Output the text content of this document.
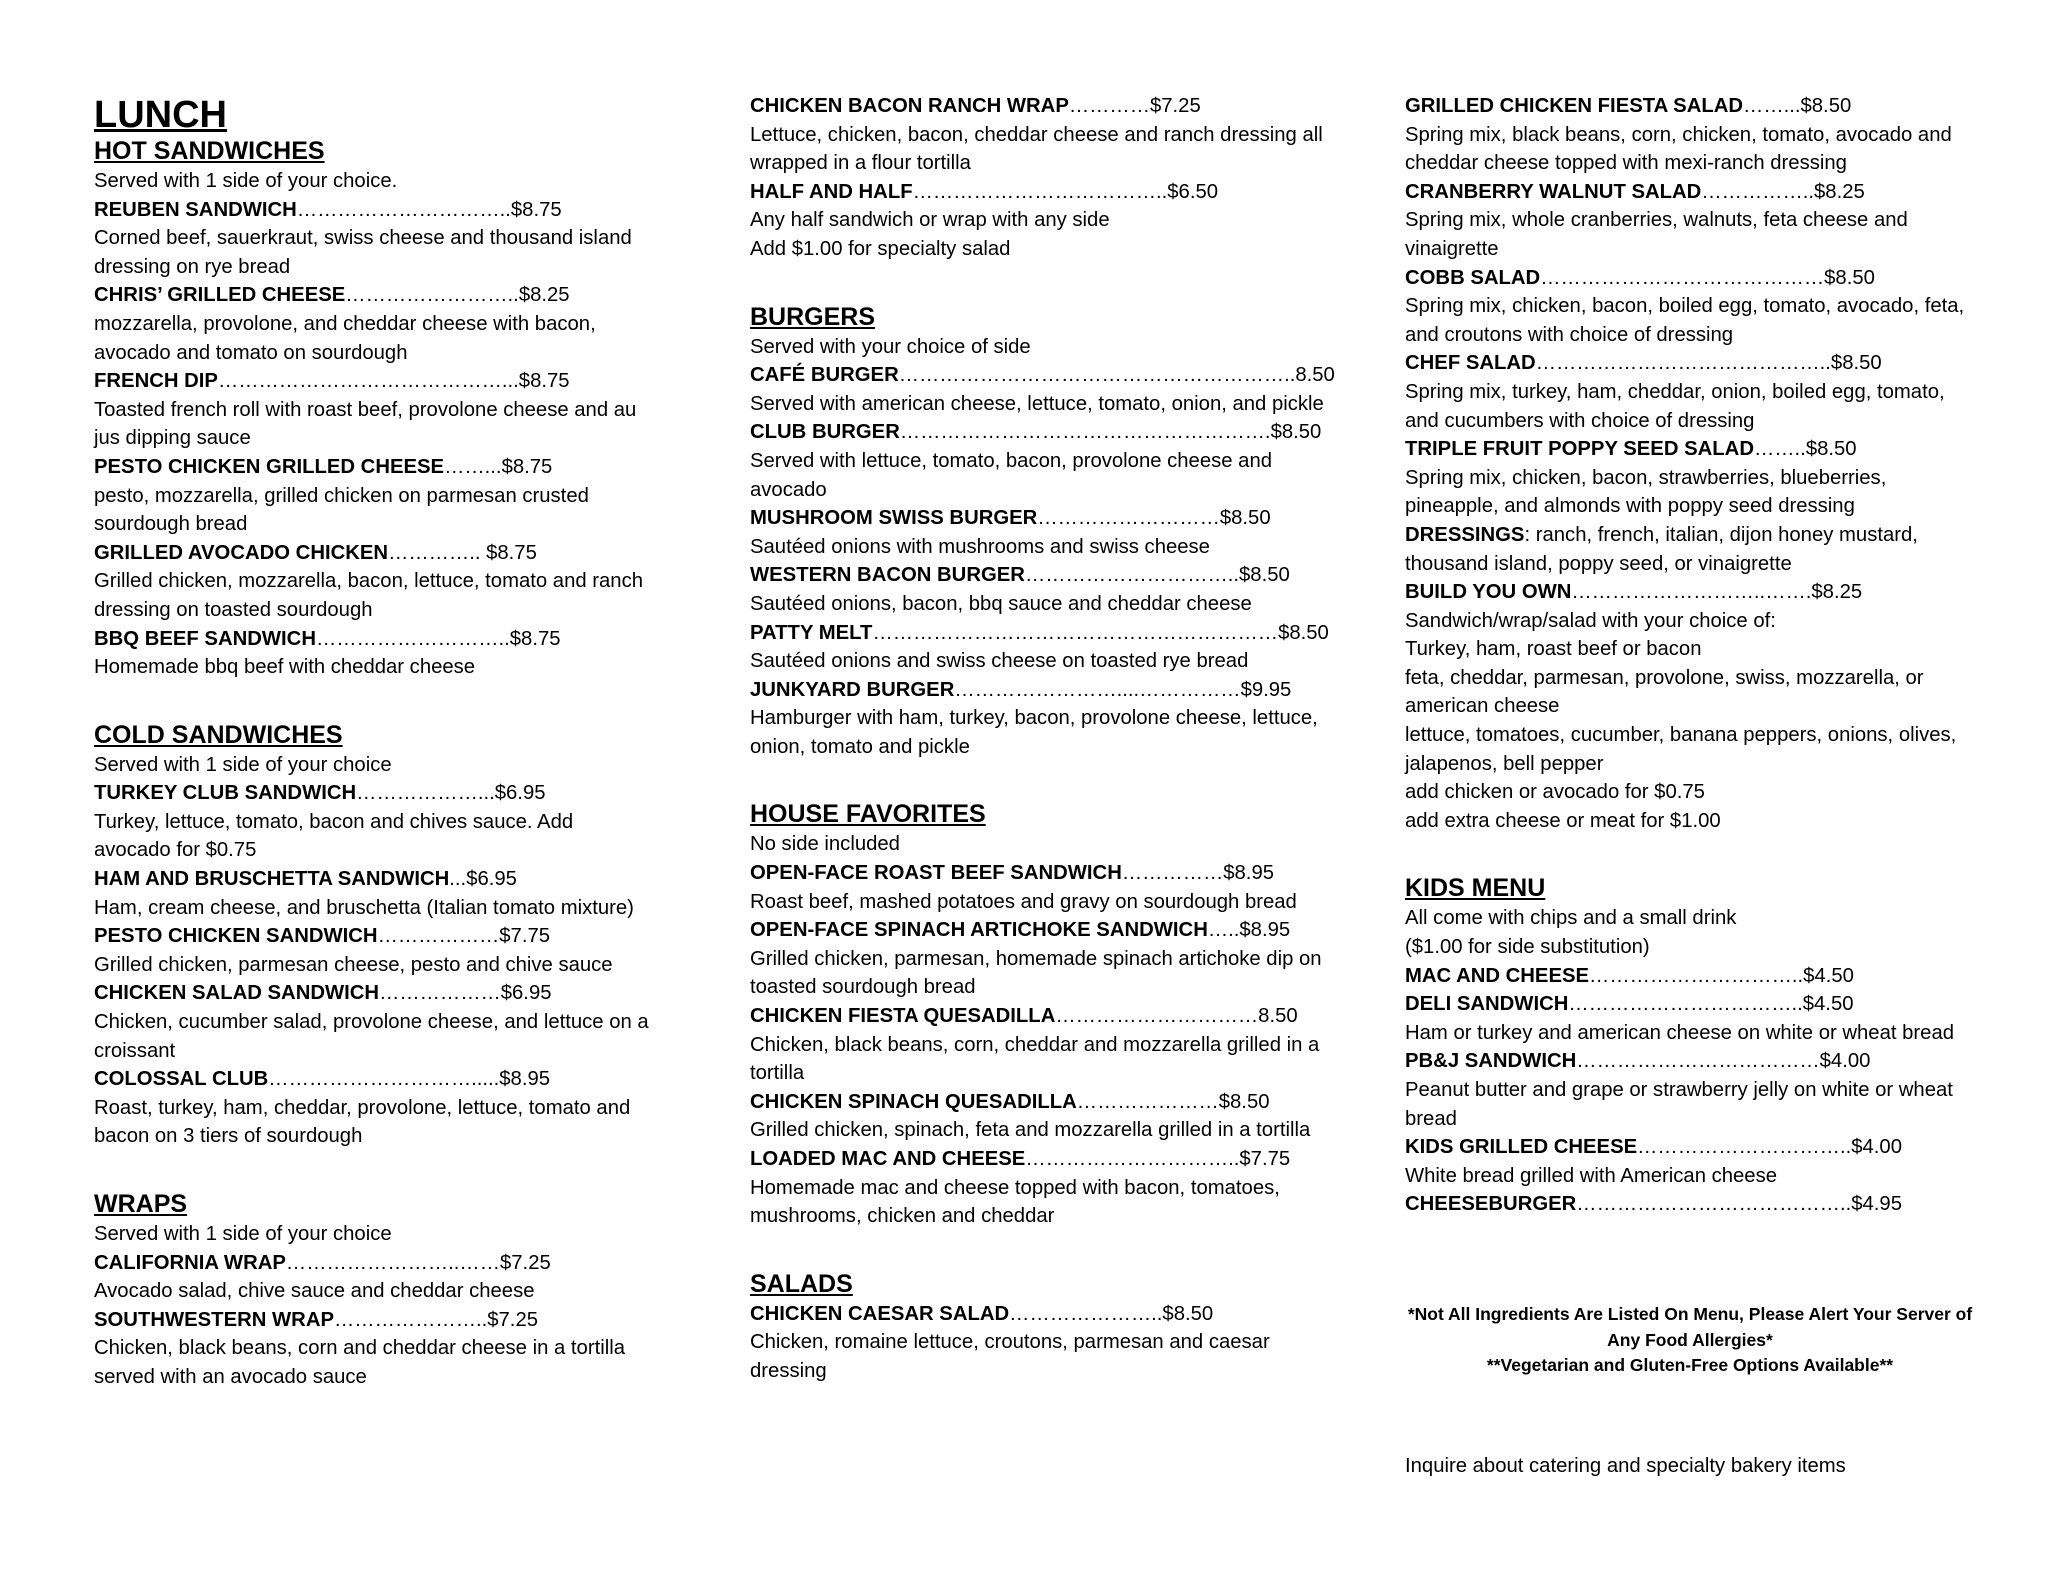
LUNCH
HOT SANDWICHES

Served with 1 side of your choice.

REUBEN SANDWICH…………………………..$8.75

Corned beef, sauerkraut, swiss cheese and thousand island dressing on rye bread

CHRIS’ GRILLED CHEESE……………………..$8.25

mozzarella, provolone, and cheddar cheese with bacon, avocado and tomato on sourdough

FRENCH DIP……………………………………...$8.75

Toasted french roll with roast beef, provolone cheese and au jus dipping sauce

PESTO CHICKEN GRILLED CHEESE……...$8.75

pesto, mozzarella, grilled chicken on parmesan crusted sourdough bread

GRILLED AVOCADO CHICKEN………….. $8.75

Grilled chicken, mozzarella, bacon, lettuce, tomato and ranch dressing on toasted sourdough

BBQ BEEF SANDWICH………………………..$8.75

Homemade bbq beef with cheddar cheese

COLD SANDWICHES

Served with 1 side of your choice

TURKEY CLUB SANDWICH………………...$6.95

Turkey, lettuce, tomato, bacon and chives sauce. Add avocado for $0.75

HAM AND BRUSCHETTA SANDWICH...$6.95

Ham, cream cheese, and bruschetta (Italian tomato mixture)

PESTO CHICKEN SANDWICH………………$7.75

Grilled chicken, parmesan cheese, pesto and chive sauce

CHICKEN SALAD SANDWICH………………$6.95

Chicken, cucumber salad, provolone cheese, and lettuce on a croissant

COLOSSAL CLUB………………………….....$8.95

Roast, turkey, ham, cheddar, provolone, lettuce, tomato and bacon on 3 tiers of sourdough

WRAPS

Served with 1 side of your choice

CALIFORNIA WRAP……………………..……$7.25

Avocado salad, chive sauce and cheddar cheese

SOUTHWESTERN WRAP…………………..$7.25

Chicken, black beans, corn and cheddar cheese in a tortilla served with an avocado sauce

CHICKEN BACON RANCH WRAP…………$7.25

Lettuce, chicken, bacon, cheddar cheese and ranch dressing all wrapped in a flour tortilla

HALF AND HALF………………………………..$6.50

Any half sandwich or wrap with any side

Add $1.00 for specialty salad

BURGERS

Served with your choice of side

CAFÉ BURGER…………………………………………………..8.50

Served with american cheese, lettuce, tomato, onion, and pickle

CLUB BURGER……………………………………………….$8.50

Served with lettuce, tomato, bacon, provolone cheese and avocado

MUSHROOM SWISS BURGER………………………$8.50

Sautéed onions with mushrooms and swiss cheese

WESTERN BACON BURGER…………………………..$8.50

Sautéed onions, bacon, bbq sauce and cheddar cheese

PATTY MELT……………………………………………………$8.50

Sautéed onions and swiss cheese on toasted rye bread

JUNKYARD BURGER……………………....……………$9.95

Hamburger with ham, turkey, bacon, provolone cheese, lettuce, onion, tomato and pickle

HOUSE FAVORITES

No side included

OPEN-FACE ROAST BEEF SANDWICH……………$8.95

Roast beef, mashed potatoes and gravy on sourdough bread

OPEN-FACE SPINACH ARTICHOKE SANDWICH…..$8.95

Grilled chicken, parmesan, homemade spinach artichoke dip on toasted sourdough bread

CHICKEN FIESTA QUESADILLA…………………………8.50

Chicken, black beans, corn, cheddar and mozzarella grilled in a tortilla

CHICKEN SPINACH QUESADILLA…………………$8.50

Grilled chicken, spinach, feta and mozzarella grilled in a tortilla

LOADED MAC AND CHEESE…………………………..$7.75

Homemade mac and cheese topped with bacon, tomatoes, mushrooms, chicken and cheddar

SALADS

CHICKEN CAESAR SALAD…………………..$8.50

Chicken, romaine lettuce, croutons, parmesan and caesar dressing

GRILLED CHICKEN FIESTA SALAD……...$8.50

Spring mix, black beans, corn, chicken, tomato, avocado and cheddar cheese topped with mexi-ranch dressing

CRANBERRY WALNUT SALAD……………..$8.25

Spring mix, whole cranberries, walnuts, feta cheese and vinaigrette

COBB SALAD……………………………………$8.50

Spring mix, chicken, bacon, boiled egg, tomato, avocado, feta, and croutons with choice of dressing

CHEF SALAD……………………………………..$8.50

Spring mix, turkey, ham, cheddar, onion, boiled egg, tomato, and cucumbers with choice of dressing

TRIPLE FRUIT POPPY SEED SALAD……..$8.50

Spring mix, chicken, bacon, strawberries, blueberries, pineapple, and almonds with poppy seed dressing

DRESSINGS: ranch, french, italian, dijon honey mustard, thousand island, poppy seed, or vinaigrette

BUILD YOU OWN………………………..…….$8.25

Sandwich/wrap/salad with your choice of:

Turkey, ham, roast beef or bacon

feta, cheddar, parmesan, provolone, swiss, mozzarella, or american cheese

lettuce, tomatoes, cucumber, banana peppers, onions, olives, jalapenos, bell pepper

add chicken or avocado for $0.75

add extra cheese or meat for $1.00

KIDS MENU

All come with chips and a small drink

($1.00 for side substitution)

MAC AND CHEESE…………………………..$4.50

DELI SANDWICH……………………………..$4.50

Ham or turkey and american cheese on white or wheat bread

PB&J SANDWICH………………………………$4.00

Peanut butter and grape or strawberry jelly on white or wheat bread

KIDS GRILLED CHEESE…………………………..$4.00

White bread grilled with American cheese

CHEESEBURGER…………………………………..$4.95

*Not All Ingredients Are Listed On Menu, Please Alert Your Server of Any Food Allergies*

**Vegetarian and Gluten-Free Options Available**

Inquire about catering and specialty bakery items
